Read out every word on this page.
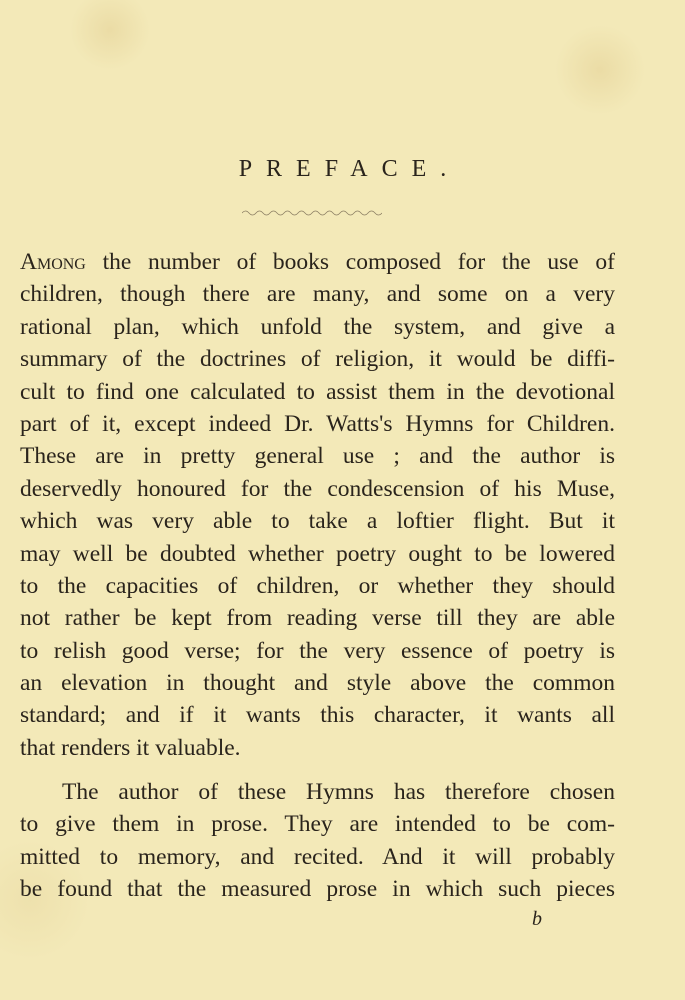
PREFACE.
Among the number of books composed for the use of
children, though there are many, and some on a very
rational plan, which unfold the system, and give a
summary of the doctrines of religion, it would be diffi-
cult to find one calculated to assist them in the devotional
part of it, except indeed Dr. Watts's Hymns for Children.
These are in pretty general use ; and the author is
deservedly honoured for the condescension of his Muse,
which was very able to take a loftier flight. But it
may well be doubted whether poetry ought to be lowered
to the capacities of children, or whether they should
not rather be kept from reading verse till they are able
to relish good verse; for the very essence of poetry is
an elevation in thought and style above the common
standard; and if it wants this character, it wants all
that renders it valuable.
The author of these Hymns has therefore chosen
to give them in prose. They are intended to be com-
mitted to memory, and recited. And it will probably
be found that the measured prose in which such pieces
b
